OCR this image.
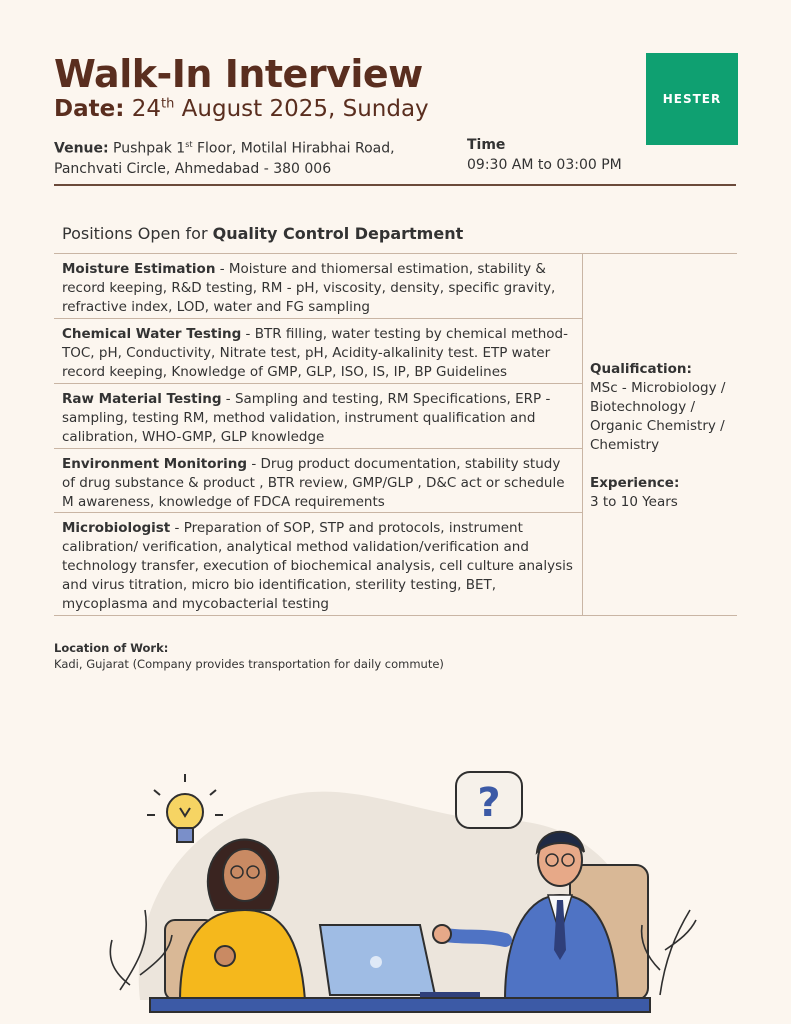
Walk-In Interview
Date: 24th August 2025, Sunday	HESTER
Venue: Pushpak 1st Floor, Motilal Hirabhai Road,
Panchvati Circle, Ahmedabad - 380 006
Time
09:30 AM to 03:00 PM
Positions Open for Quality Control Department
Moisture Estimation - Moisture and thiomersal estimation, stability & record keeping, R&D testing, RM - pH, viscosity, density, specific gravity, refractive index, LOD, water and FG sampling
Chemical Water Testing - BTR filling, water testing by chemical method- TOC, pH, Conductivity, Nitrate test, pH, Acidity-alkalinity test. ETP water record keeping, Knowledge of GMP, GLP, ISO, IS, IP, BP Guidelines
Raw Material Testing - Sampling and testing, RM Specifications, ERP -sampling, testing RM, method validation, instrument qualification and calibration, WHO-GMP, GLP knowledge
Environment Monitoring - Drug product documentation, stability study of drug substance & product , BTR review, GMP/GLP , D&C act or schedule M awareness, knowledge of FDCA requirements
Microbiologist - Preparation of SOP, STP and protocols, instrument calibration/ verification, analytical method validation/verification and technology transfer, execution of biochemical analysis, cell culture analysis and virus titration, micro bio identification, sterility testing, BET, mycoplasma and mycobacterial testing
Qualification:
MSc - Microbiology / Biotechnology / Organic Chemistry / Chemistry
Experience:
3 to 10 Years
Location of Work:
Kadi, Gujarat (Company provides transportation for daily commute)
?
